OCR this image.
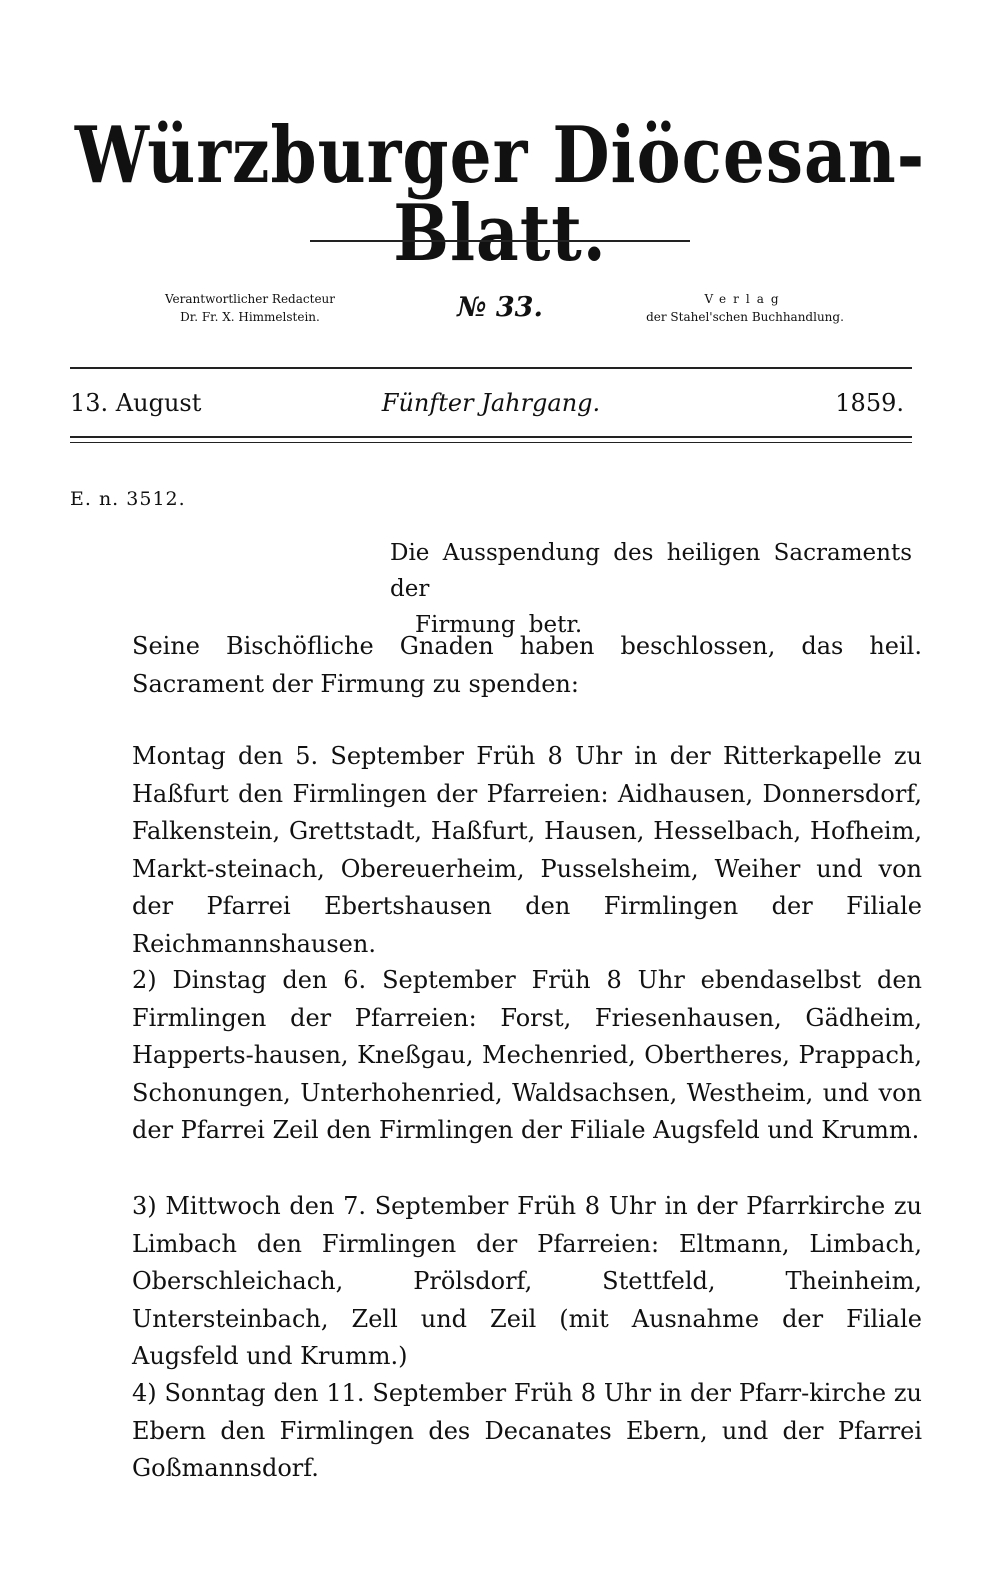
Würzburger Diöcesan-Blatt.
Verantwortlicher Redacteur
Dr. Fr. X. Himmelstein.	№ 33.	Verlag
der Stahel'schen Buchhandlung.
13. August	Fünfter Jahrgang.	1859.
E. n. 3512.
Die Ausspendung des heiligen Sacraments der
Firmung betr.
Seine Bischöfliche Gnaden haben beschlossen, das heil. Sacrament der Firmung zu spenden:
Montag den 5. September Früh 8 Uhr in der Ritterkapelle zu Haßfurt den Firmlingen der Pfarreien: Aidhausen, Donnersdorf, Falkenstein, Grettstadt, Haßfurt, Hausen, Hesselbach, Hofheim, Markt-steinach, Obereuerheim, Pusselsheim, Weiher und von der Pfarrei Ebertshausen den Firmlingen der Filiale Reichmannshausen.
2) Dinstag den 6. September Früh 8 Uhr ebendaselbst den Firmlingen der Pfarreien: Forst, Friesenhausen, Gädheim, Happerts-hausen, Kneßgau, Mechenried, Obertheres, Prappach, Schonungen, Unterhohenried, Waldsachsen, Westheim, und von der Pfarrei Zeil den Firmlingen der Filiale Augsfeld und Krumm.
3) Mittwoch den 7. September Früh 8 Uhr in der Pfarrkirche zu Limbach den Firmlingen der Pfarreien: Eltmann, Limbach, Oberschleichach, Prölsdorf, Stettfeld, Theinheim, Untersteinbach, Zell und Zeil (mit Ausnahme der Filiale Augsfeld und Krumm.)
4) Sonntag den 11. September Früh 8 Uhr in der Pfarr-kirche zu Ebern den Firmlingen des Decanates Ebern, und der Pfarrei Goßmannsdorf.
